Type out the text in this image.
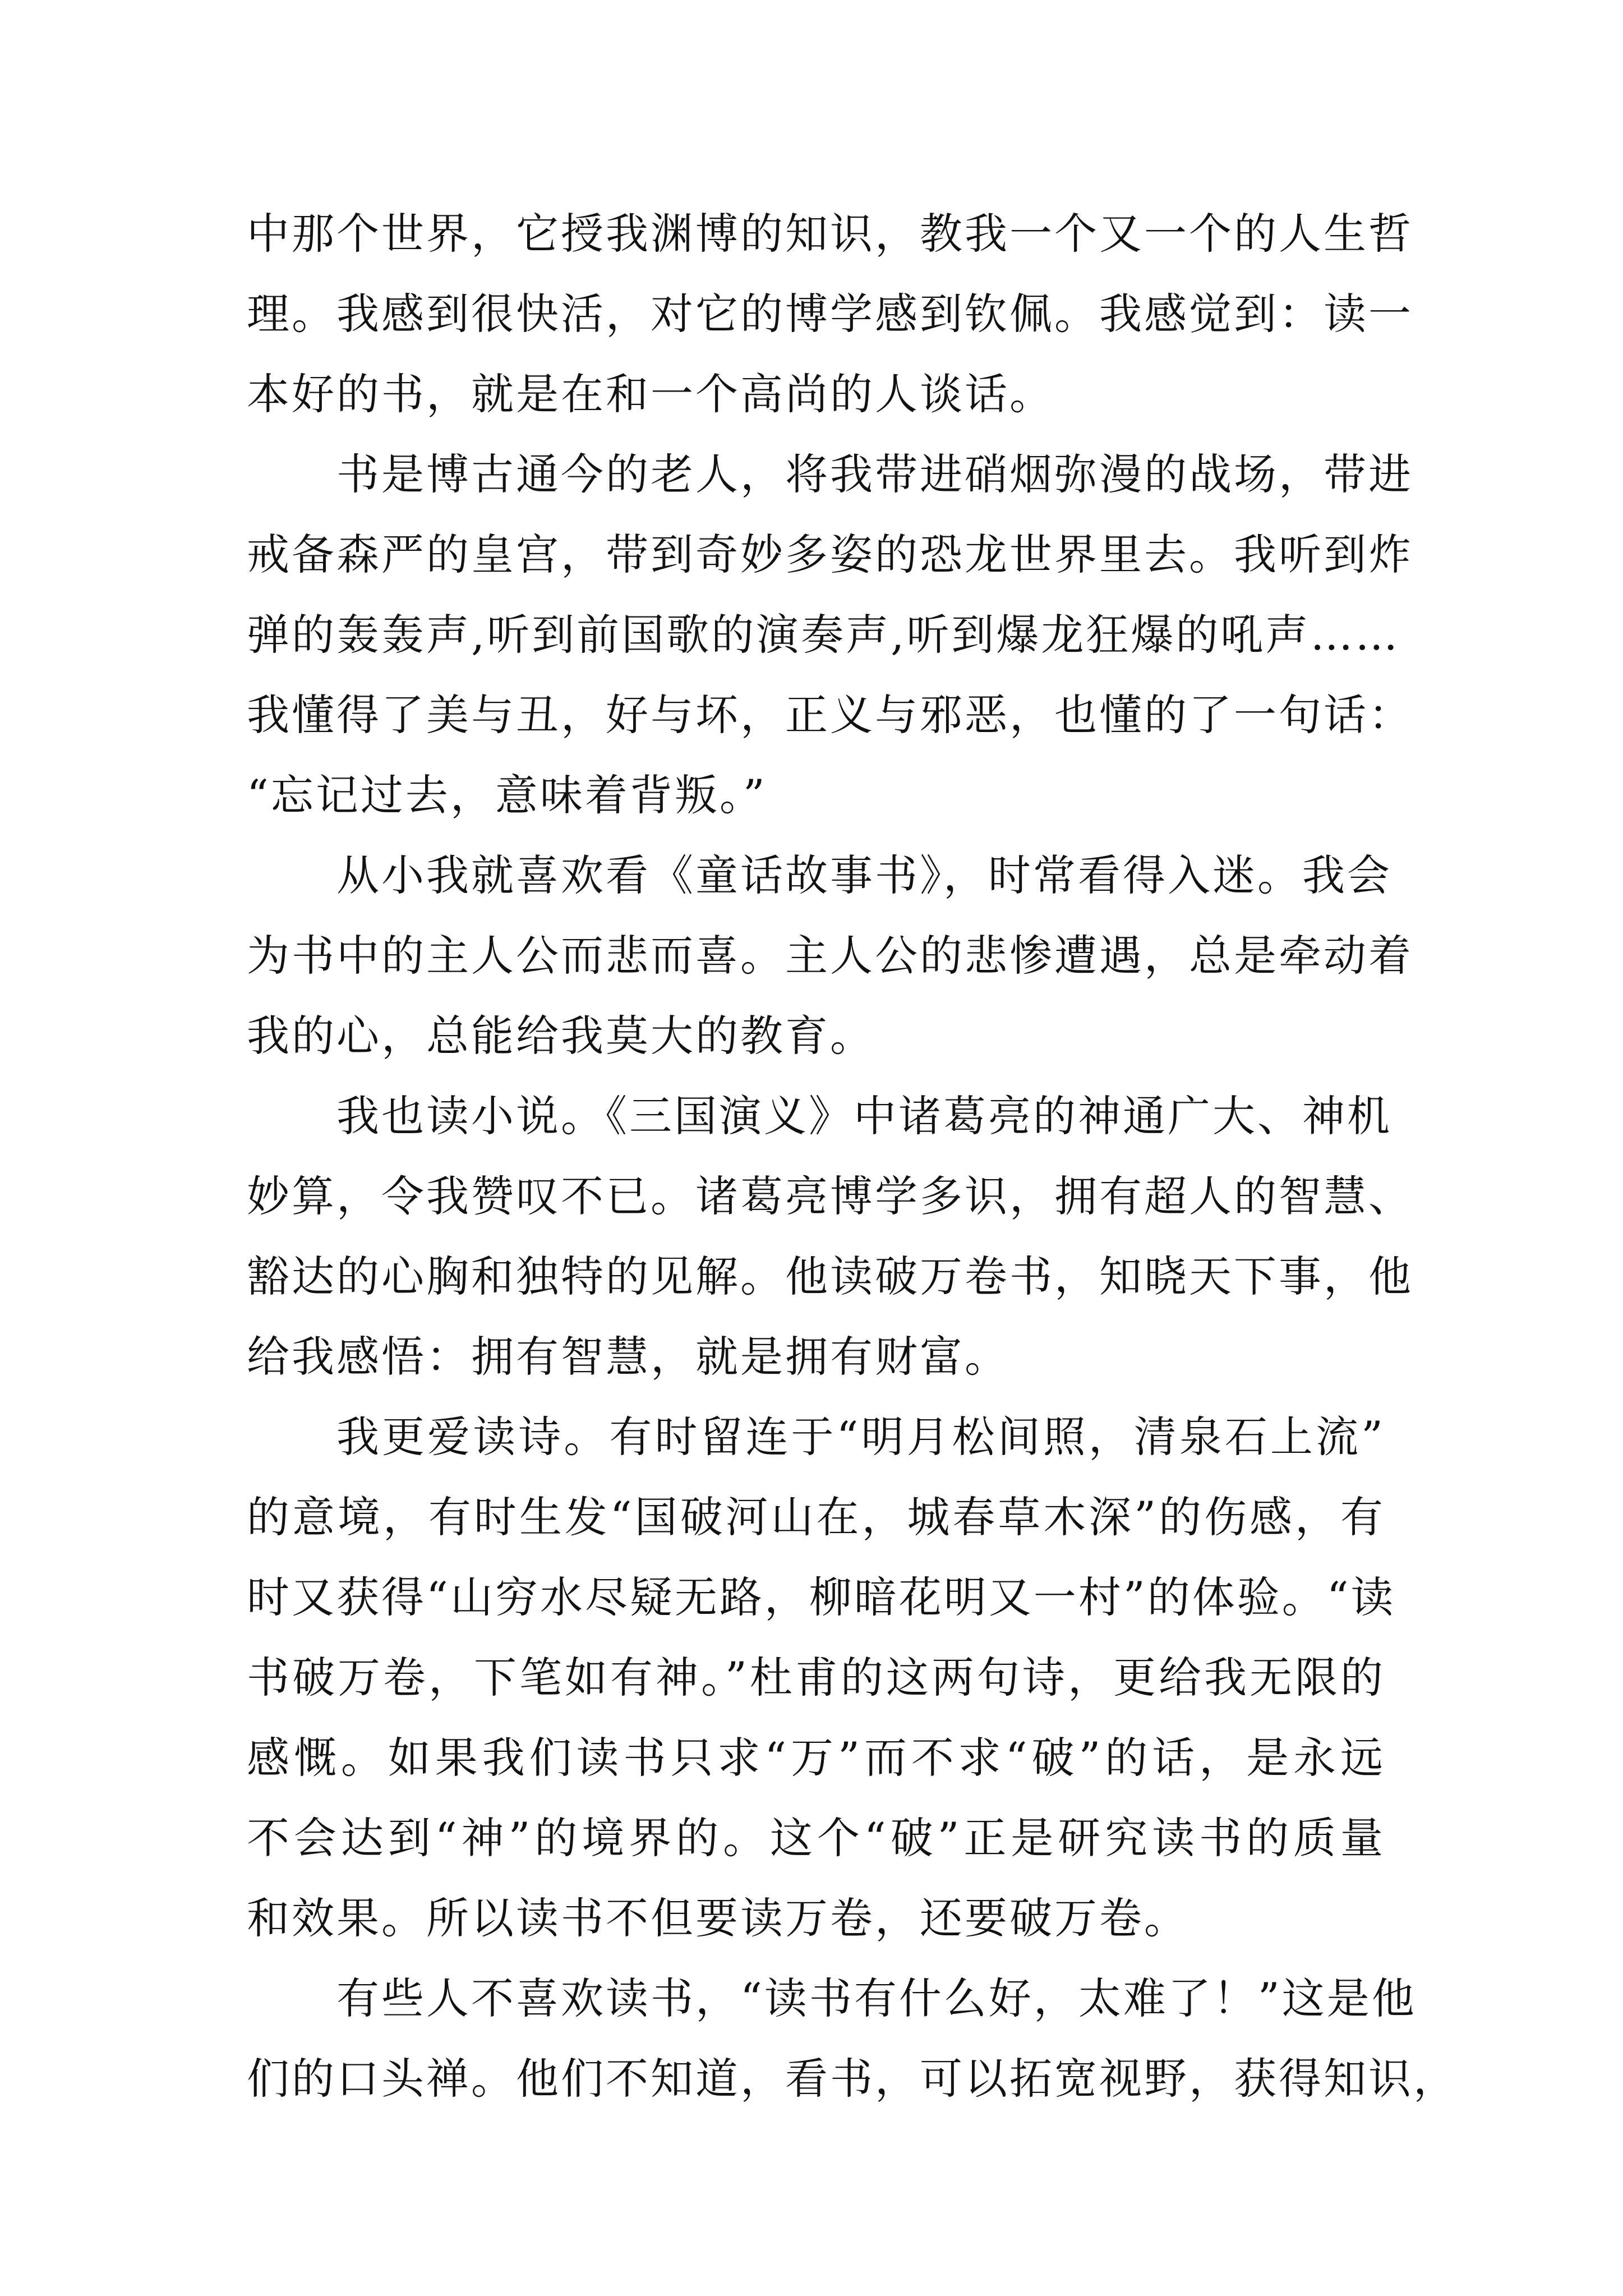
中那个世界，它授我渊博的知识，教我一个又一个的人生哲
理。我感到很快活，对它的博学感到钦佩。我感觉到：读一
本好的书，就是在和一个高尚的人谈话。
书是博古通今的老人，将我带进硝烟弥漫的战场，带进
戒备森严的皇宫，带到奇妙多姿的恐龙世界里去。我听到炸
弹的轰轰声,听到前国歌的演奏声,听到爆龙狂爆的吼声……
我懂得了美与丑，好与坏，正义与邪恶，也懂的了一句话：
“忘记过去，意味着背叛。”
从小我就喜欢看《童话故事书》，时常看得入迷。我会
为书中的主人公而悲而喜。主人公的悲惨遭遇，总是牵动着
我的心，总能给我莫大的教育。
我也读小说。《三国演义》中诸葛亮的神通广大、神机
妙算，令我赞叹不已。诸葛亮博学多识，拥有超人的智慧、
豁达的心胸和独特的见解。他读破万卷书，知晓天下事，他
给我感悟：拥有智慧，就是拥有财富。
我更爱读诗。有时留连于“明月松间照，清泉石上流”
的意境，有时生发“国破河山在，城春草木深”的伤感，有
时又获得“山穷水尽疑无路，柳暗花明又一村”的体验。“读
书破万卷，下笔如有神。”杜甫的这两句诗，更给我无限的
感慨。如果我们读书只求“万”而不求“破”的话，是永远
不会达到“神”的境界的。这个“破”正是研究读书的质量
和效果。所以读书不但要读万卷，还要破万卷。
有些人不喜欢读书，“读书有什么好，太难了！”这是他
们的口头禅。他们不知道，看书，可以拓宽视野，获得知识，
